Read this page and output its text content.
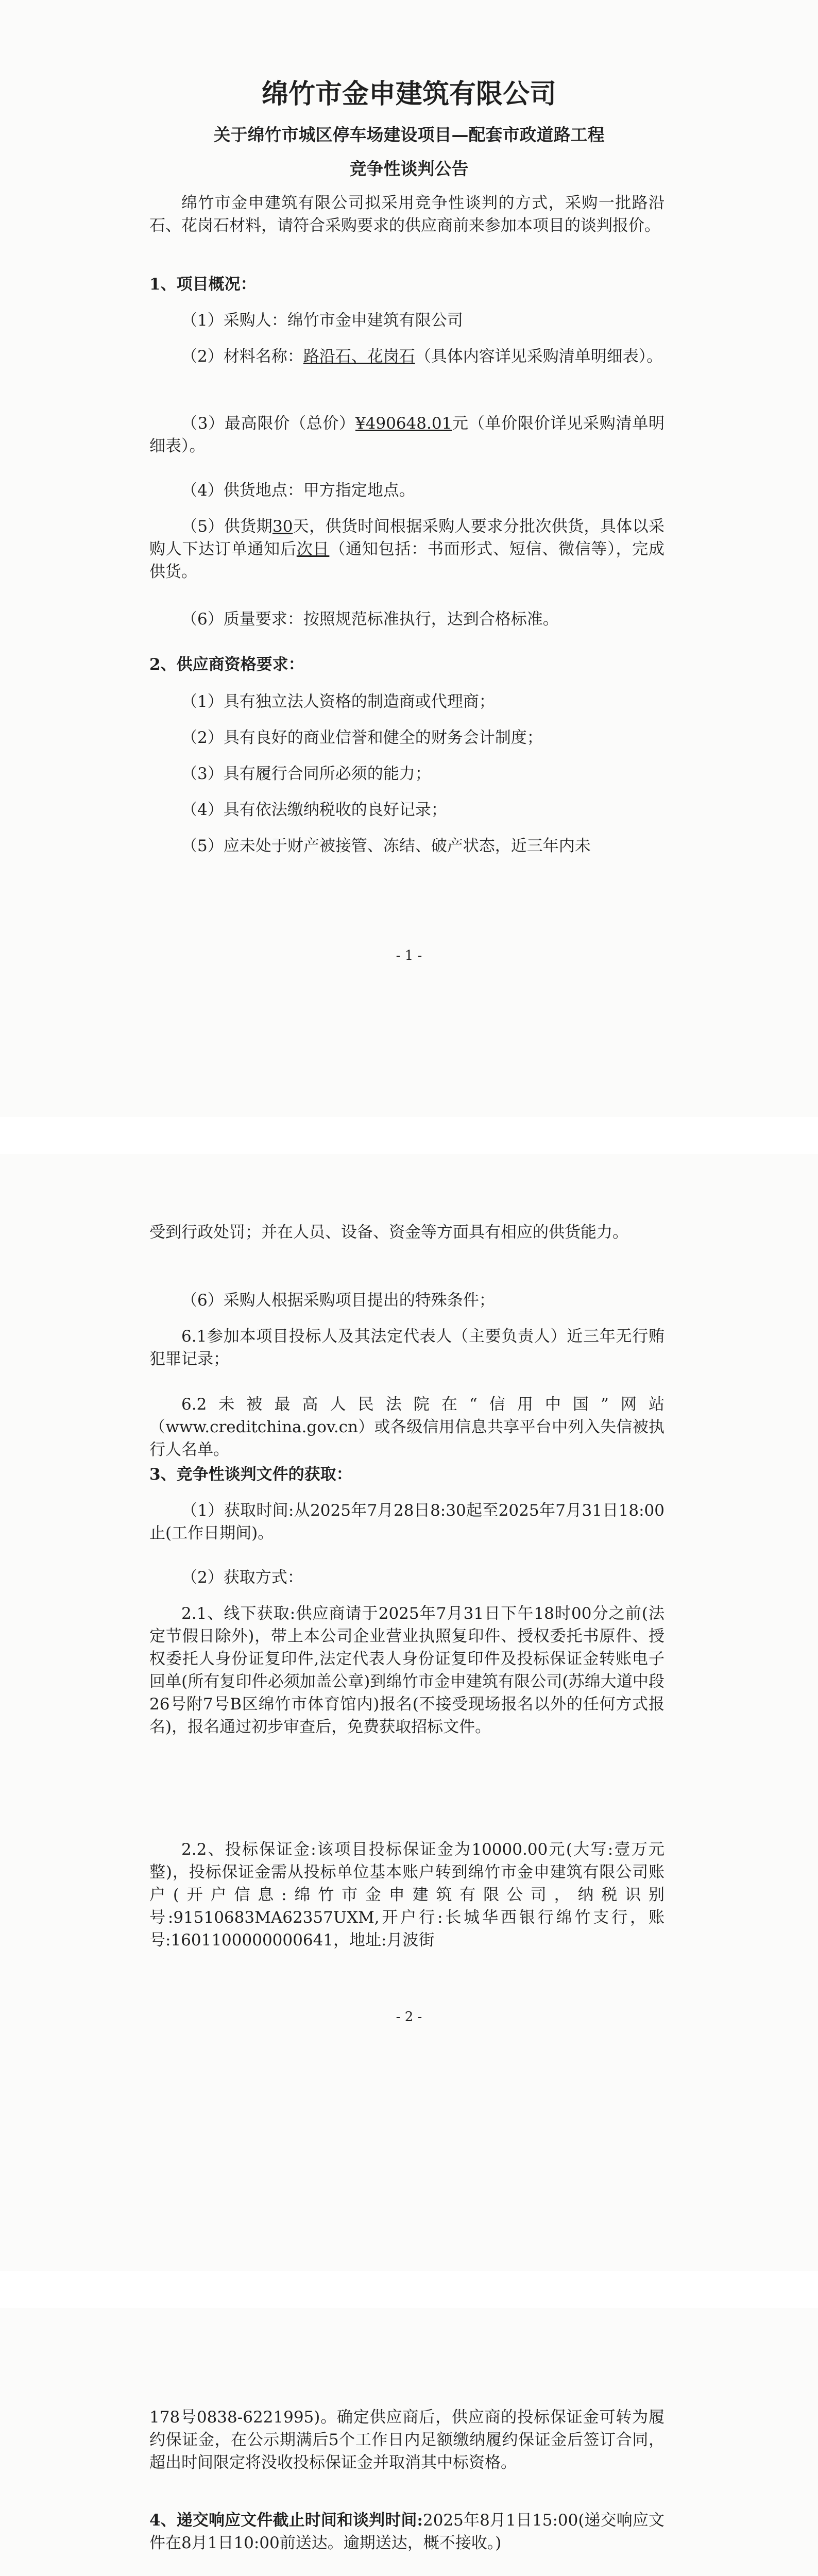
绵竹市金申建筑有限公司
关于绵竹市城区停车场建设项目—配套市政道路工程
竞争性谈判公告

绵竹市金申建筑有限公司拟采用竞争性谈判的方式，采购一批路沿石、花岗石材料，请符合采购要求的供应商前来参加本项目的谈判报价。

1、项目概况：

（1）采购人：绵竹市金申建筑有限公司

（2）材料名称：路沿石、花岗石（具体内容详见采购清单明细表）。

（3）最高限价（总价）¥490648.01元（单价限价详见采购清单明细表）。

（4）供货地点：甲方指定地点。

（5）供货期30天，供货时间根据采购人要求分批次供货，具体以采购人下达订单通知后次日（通知包括：书面形式、短信、微信等），完成供货。

（6）质量要求：按照规范标准执行，达到合格标准。

2、供应商资格要求：

（1）具有独立法人资格的制造商或代理商；

（2）具有良好的商业信誉和健全的财务会计制度；

（3）具有履行合同所必须的能力；

（4）具有依法缴纳税收的良好记录；

（5）应未处于财产被接管、冻结、破产状态，近三年内未

- 1 -

受到行政处罚；并在人员、设备、资金等方面具有相应的供货能力。

（6）采购人根据采购项目提出的特殊条件；

6.1参加本项目投标人及其法定代表人（主要负责人）近三年无行贿犯罪记录；

6.2未被最高人民法院在“信用中国”网站（www.creditchina.gov.cn）或各级信用信息共享平台中列入失信被执行人名单。

3、竞争性谈判文件的获取：

（1）获取时间:从2025年7月28日8:30起至2025年7月31日18:00止(工作日期间)。

（2）获取方式：

2.1、线下获取:供应商请于2025年7月31日下午18时00分之前(法定节假日除外)，带上本公司企业营业执照复印件、授权委托书原件、授权委托人身份证复印件,法定代表人身份证复印件及投标保证金转账电子回单(所有复印件必须加盖公章)到绵竹市金申建筑有限公司(苏绵大道中段26号附7号B区绵竹市体育馆内)报名(不接受现场报名以外的任何方式报名)，报名通过初步审查后，免费获取招标文件。

2.2、投标保证金:该项目投标保证金为10000.00元(大写:壹万元整)，投标保证金需从投标单位基本账户转到绵竹市金申建筑有限公司账户(开户信息:绵竹市金申建筑有限公司，纳税识别号:91510683MA62357UXM,开户行:长城华西银行绵竹支行，账号:1601100000000641，地址:月波街

- 2 -

178号0838-6221995)。确定供应商后，供应商的投标保证金可转为履约保证金，在公示期满后5个工作日内足额缴纳履约保证金后签订合同，超出时间限定将没收投标保证金并取消其中标资格。

4、递交响应文件截止时间和谈判时间:2025年8月1日15:00(递交响应文件在8月1日10:00前送达。逾期送达，概不接收。)
